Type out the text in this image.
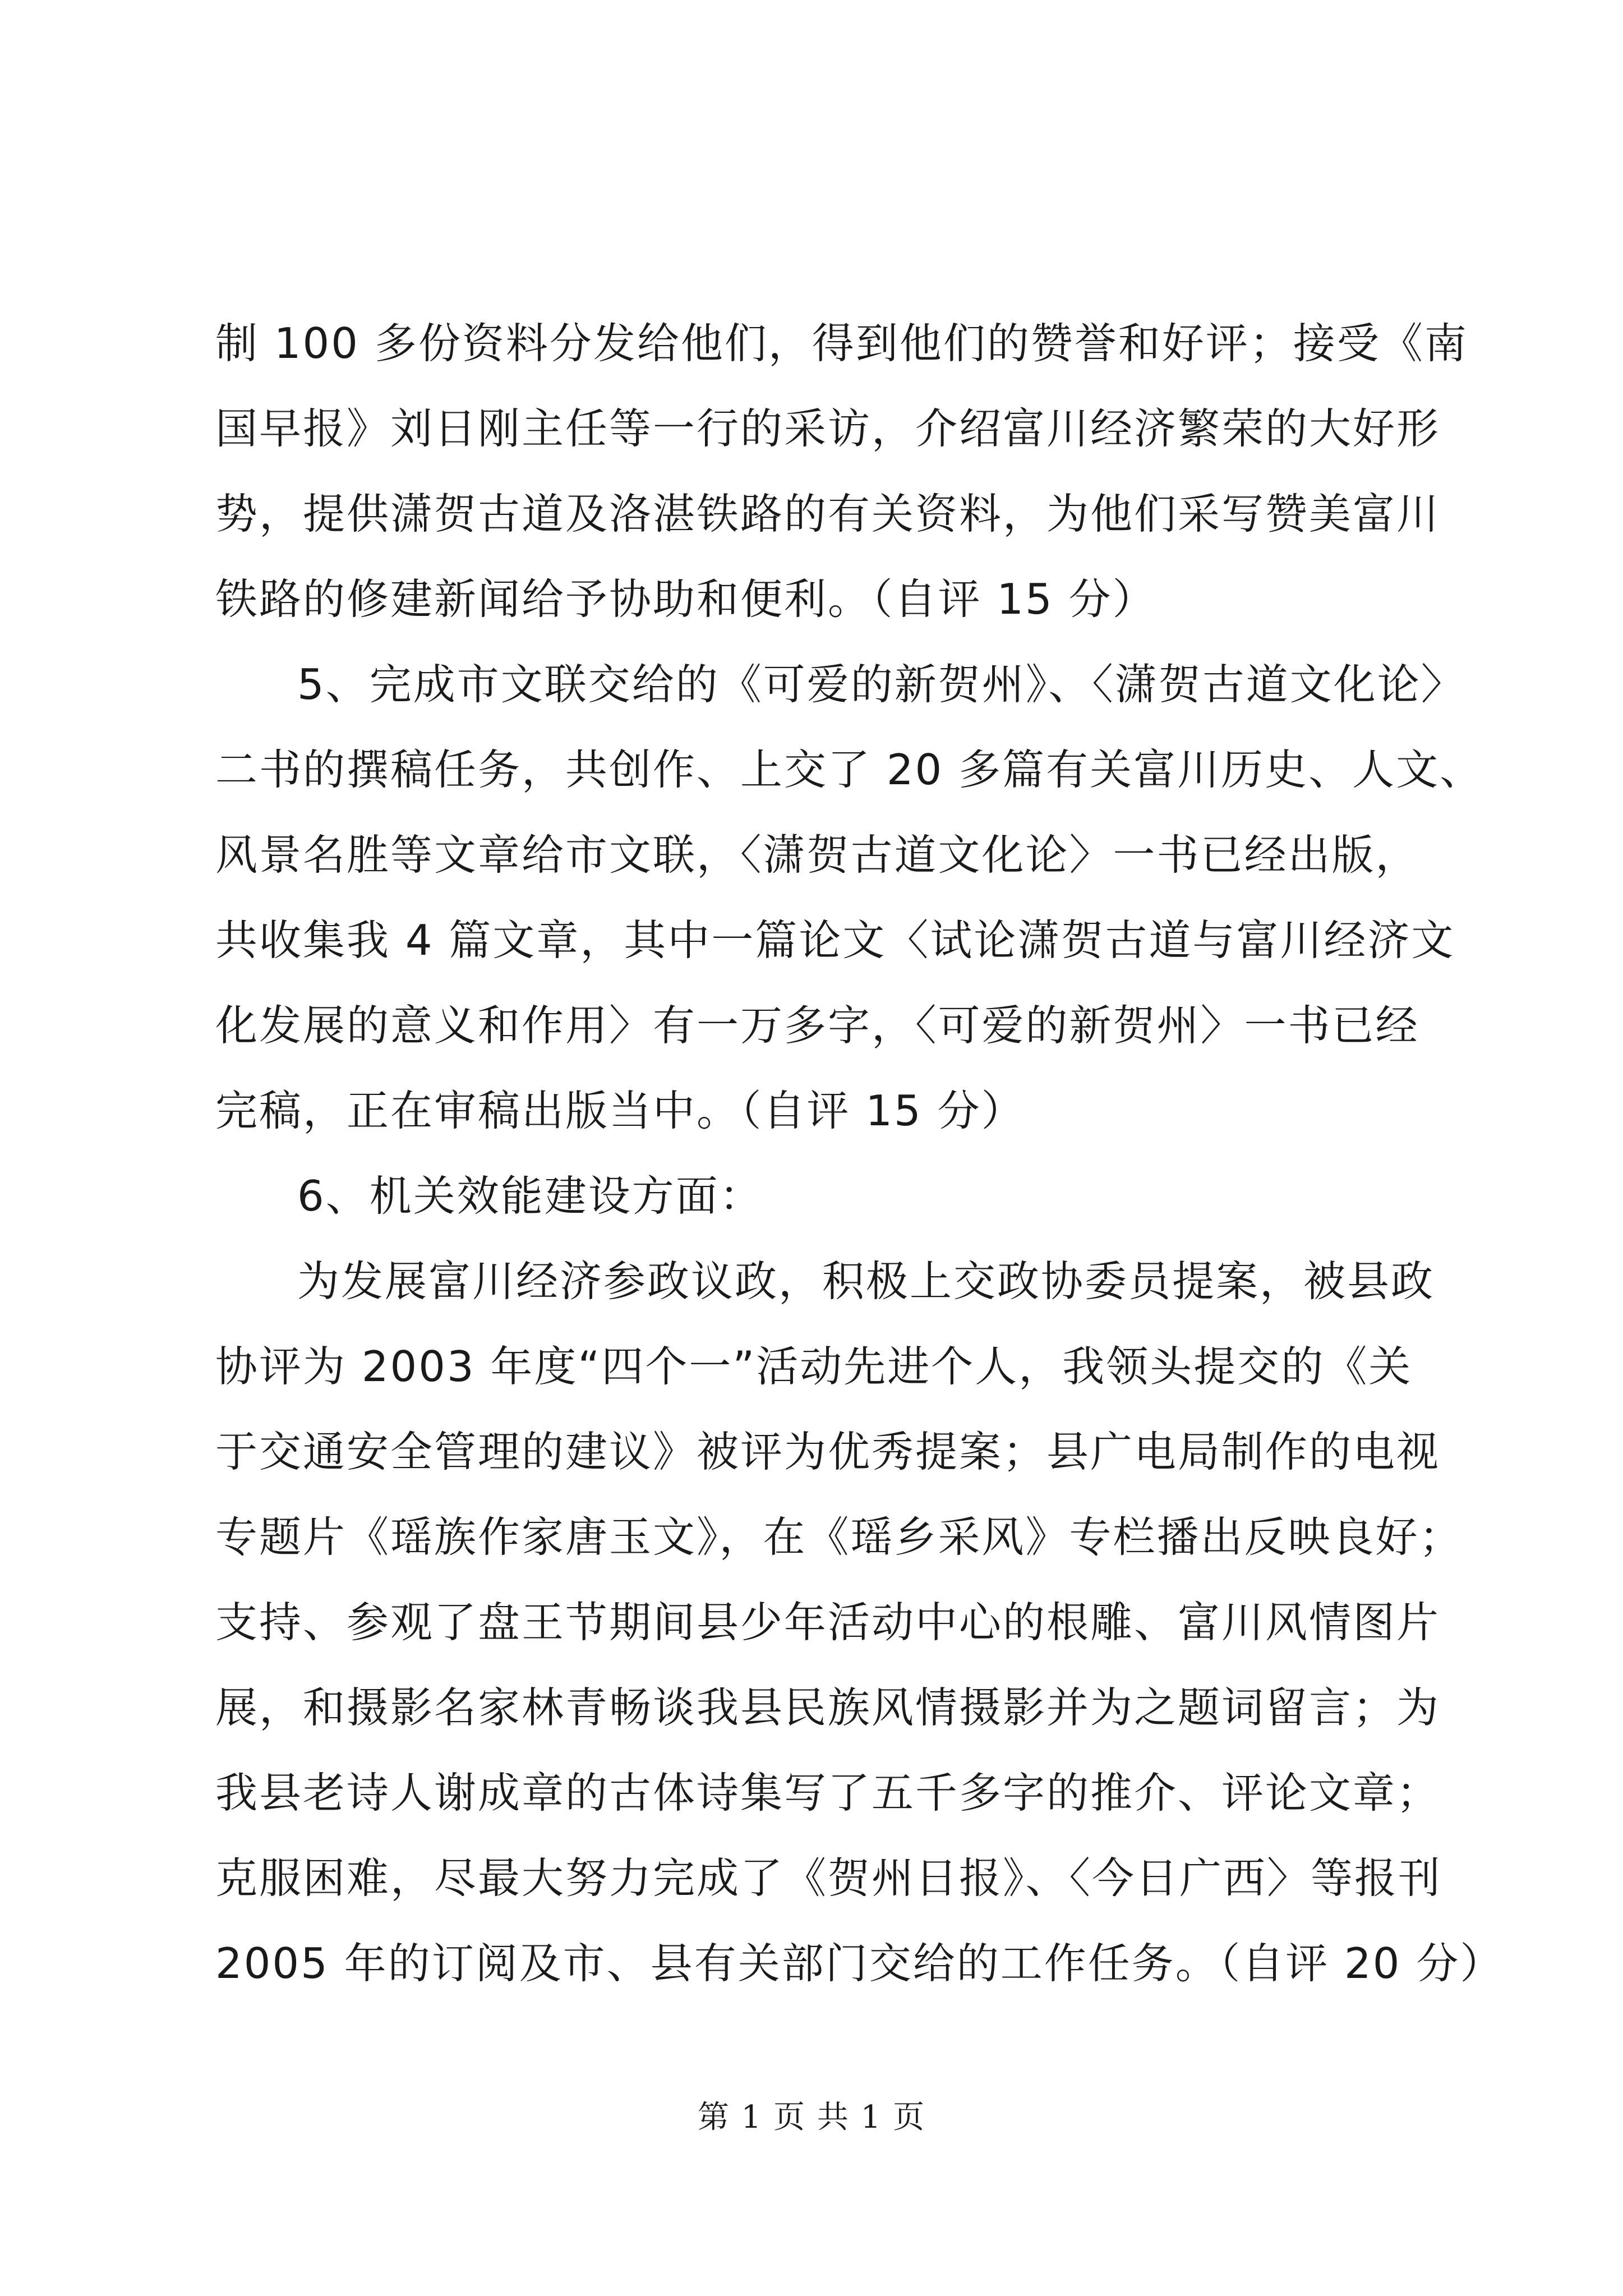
制 100 多份资料分发给他们，得到他们的赞誉和好评；接受《南
国早报》刘日刚主任等一行的采访，介绍富川经济繁荣的大好形
势，提供潇贺古道及洛湛铁路的有关资料，为他们采写赞美富川
铁路的修建新闻给予协助和便利。（自评 15 分）
5、完成市文联交给的《可爱的新贺州》、〈潇贺古道文化论〉
二书的撰稿任务，共创作、上交了 20 多篇有关富川历史、人文、
风景名胜等文章给市文联，〈潇贺古道文化论〉一书已经出版，
共收集我 4 篇文章，其中一篇论文〈试论潇贺古道与富川经济文
化发展的意义和作用〉有一万多字，〈可爱的新贺州〉一书已经
完稿，正在审稿出版当中。（自评 15 分）
6、机关效能建设方面：
为发展富川经济参政议政，积极上交政协委员提案，被县政
协评为 2003 年度“四个一”活动先进个人，我领头提交的《关
于交通安全管理的建议》被评为优秀提案；县广电局制作的电视
专题片《瑶族作家唐玉文》，在《瑶乡采风》专栏播出反映良好；
支持、参观了盘王节期间县少年活动中心的根雕、富川风情图片
展，和摄影名家林青畅谈我县民族风情摄影并为之题词留言；为
我县老诗人谢成章的古体诗集写了五千多字的推介、评论文章；
克服困难，尽最大努力完成了《贺州日报》、〈今日广西〉等报刊
2005 年的订阅及市、县有关部门交给的工作任务。（自评 20 分）
第 1 页 共 1 页
